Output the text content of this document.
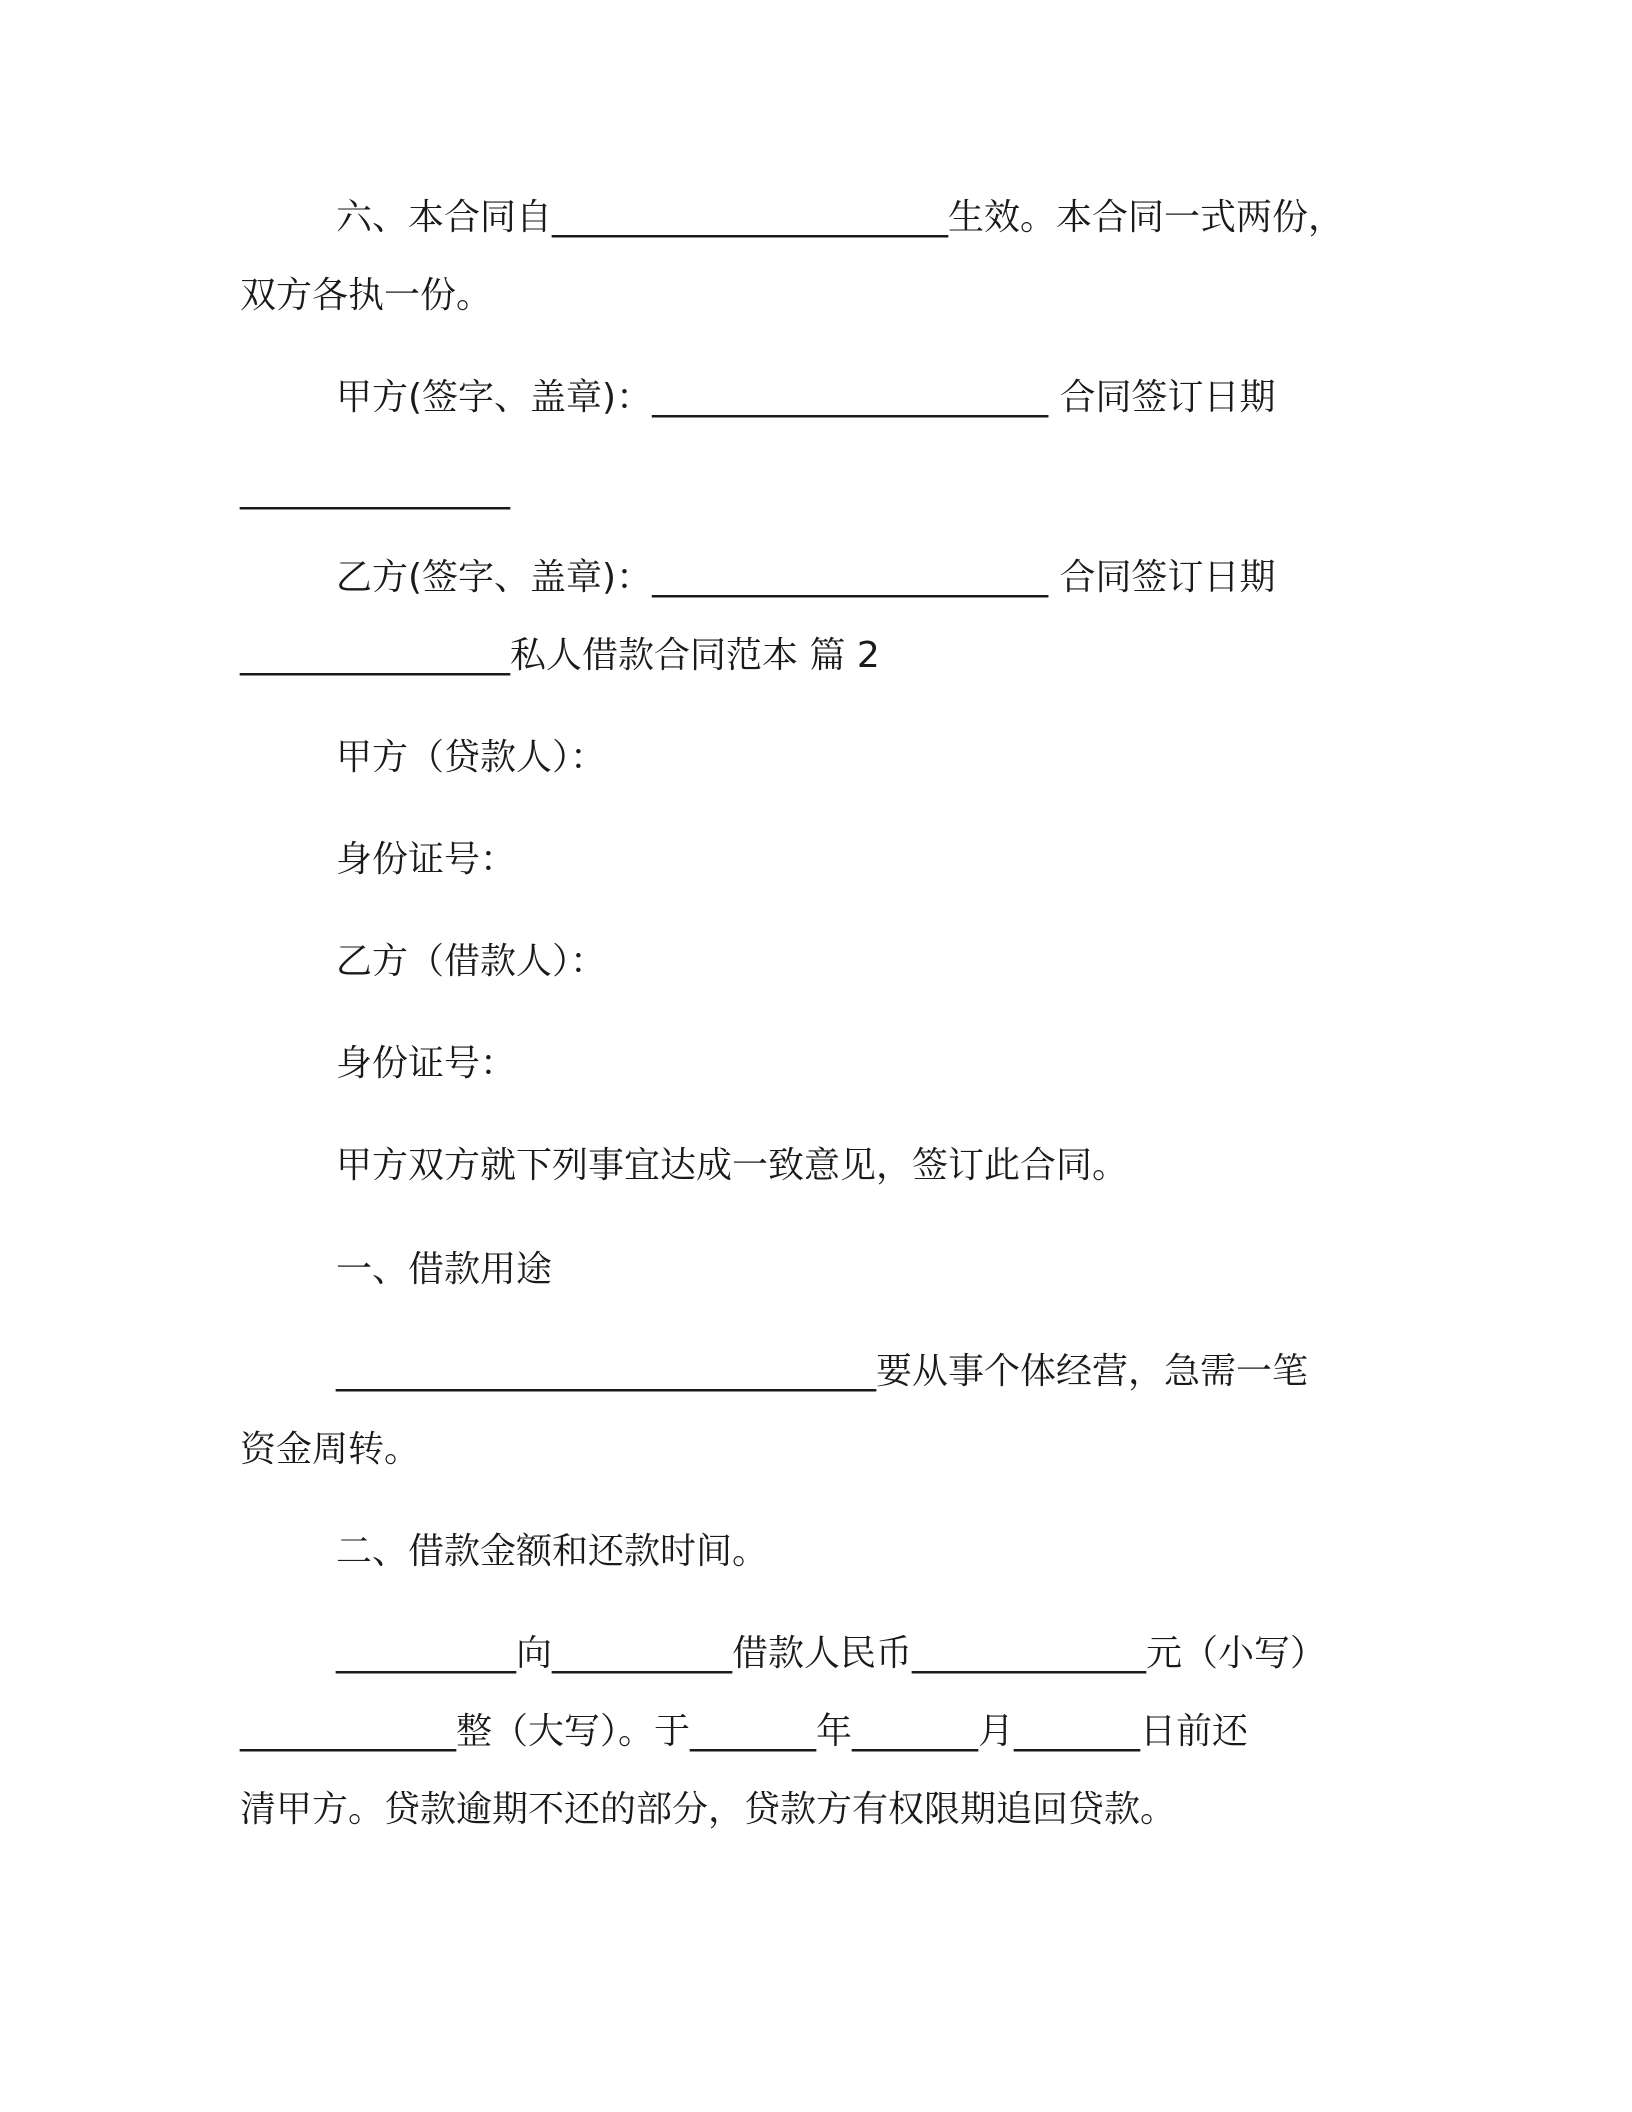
六、本合同自______________________生效。本合同一式两份，
双方各执一份。
甲方(签字、盖章)：______________________ 合同签订日期
_______________
乙方(签字、盖章)：______________________ 合同签订日期
_______________私人借款合同范本 篇 2
甲方（贷款人）：
身份证号：
乙方（借款人）：
身份证号：
甲方双方就下列事宜达成一致意见，签订此合同。
一、借款用途
______________________________要从事个体经营，急需一笔
资金周转。
二、借款金额和还款时间。
__________向__________借款人民币_____________元（小写）
____________整（大写）。于_______年_______月_______日前还
清甲方。贷款逾期不还的部分，贷款方有权限期追回贷款。
